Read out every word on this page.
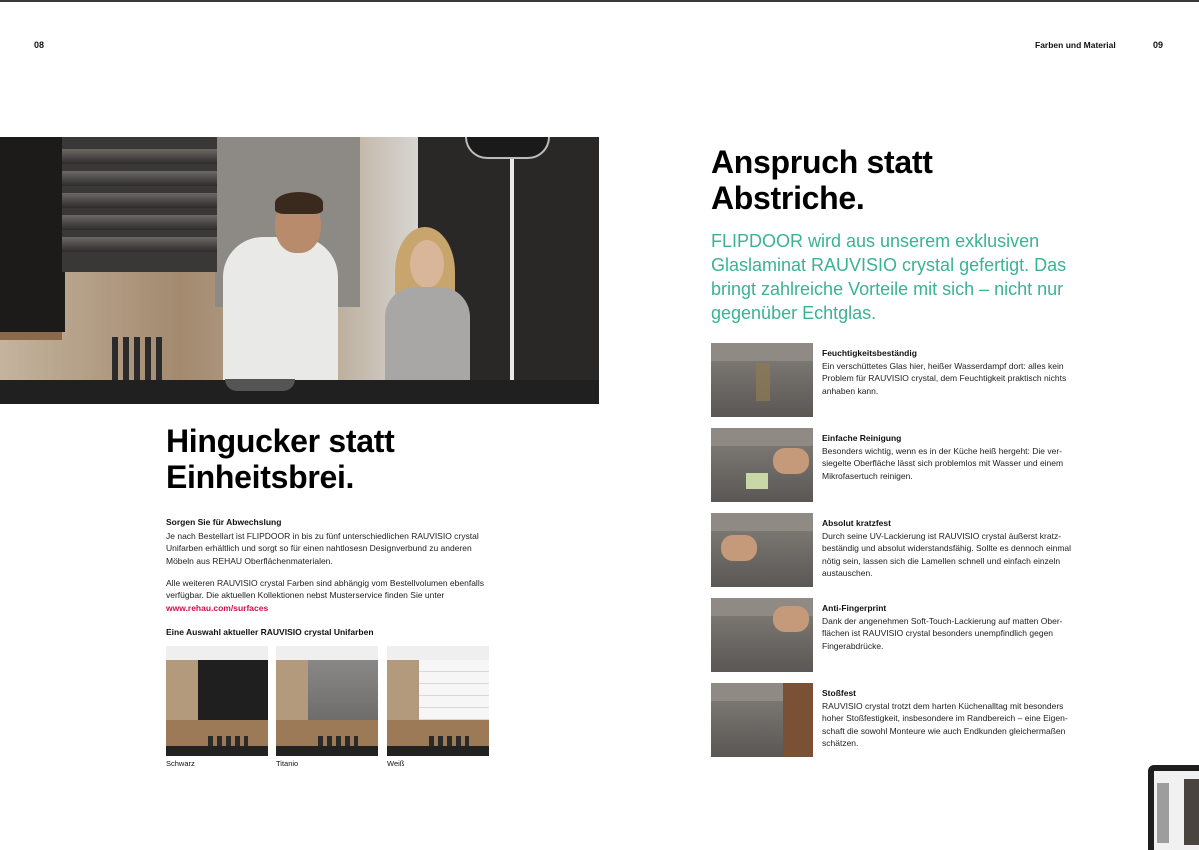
08	Farben und Material	09
Hingucker statt
Einheitsbrei.
Sorgen Sie für Abwechslung
Je nach Bestellart ist FLIPDOOR in bis zu fünf unterschiedlichen RAUVISIO crystal Unifarben erhältlich und sorgt so für einen nahtlosesn Designverbund zu anderen Möbeln aus REHAU Oberflächenmaterialen.
Alle weiteren RAUVISIO crystal Farben sind abhängig vom Bestellvolumen ebenfalls verfügbar. Die aktuellen Kollektionen nebst Musterservice finden Sie unter www.rehau.com/surfaces
Eine Auswahl aktueller RAUVISIO crystal Unifarben
Schwarz	Titanio	Weiß
Anspruch statt
Abstriche.
FLIPDOOR wird aus unserem exklusiven Glaslaminat RAUVISIO crystal gefertigt. Das bringt zahlreiche Vorteile mit sich – nicht nur gegenüber Echtglas.
Feuchtigkeitsbeständig
Ein verschüttetes Glas hier, heißer Wasserdampf dort: alles kein Problem für RAUVISIO crystal, dem Feuchtigkeit praktisch nichts anhaben kann.
Einfache Reinigung
Besonders wichtig, wenn es in der Küche heiß hergeht: Die ver-siegelte Oberfläche lässt sich problemlos mit Wasser und einem Mikrofasertuch reinigen.
Absolut kratzfest
Durch seine UV-Lackierung ist RAUVISIO crystal äußerst kratz-beständig und absolut widerstandsfähig. Sollte es dennoch einmal nötig sein, lassen sich die Lamellen schnell und einfach einzeln austauschen.
Anti-Fingerprint
Dank der angenehmen Soft-Touch-Lackierung auf matten Ober-flächen ist RAUVISIO crystal besonders unempfindlich gegen Fingerabdrücke.
Stoßfest
RAUVISIO crystal trotzt dem harten Küchenalltag mit besonders hoher Stoßfestigkeit, insbesondere im Randbereich – eine Eigen-schaft die sowohl Monteure wie auch Endkunden gleichermaßen schätzen.
